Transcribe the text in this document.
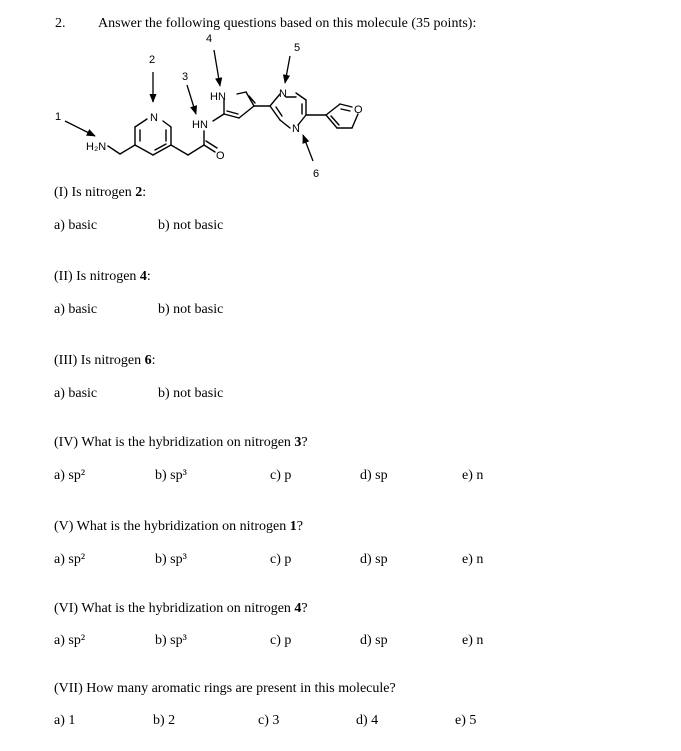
2. Answer the following questions based on this molecule (35 points):
H₂N
N
HN
O
HN	N
N
O
1
2
3
4
5
6
(I) Is nitrogen 2:
a) basic	b) not basic
(II) Is nitrogen 4:
a) basic	b) not basic
(III) Is nitrogen 6:
a) basic	b) not basic
(IV) What is the hybridization on nitrogen 3?
a) sp²	b) sp³	c) p	d) sp	e) n
(V) What is the hybridization on nitrogen 1?
a) sp²	b) sp³	c) p	d) sp	e) n
(VI) What is the hybridization on nitrogen 4?
a) sp²	b) sp³	c) p	d) sp	e) n
(VII) How many aromatic rings are present in this molecule?
a) 1	b) 2	c) 3	d) 4	e) 5
